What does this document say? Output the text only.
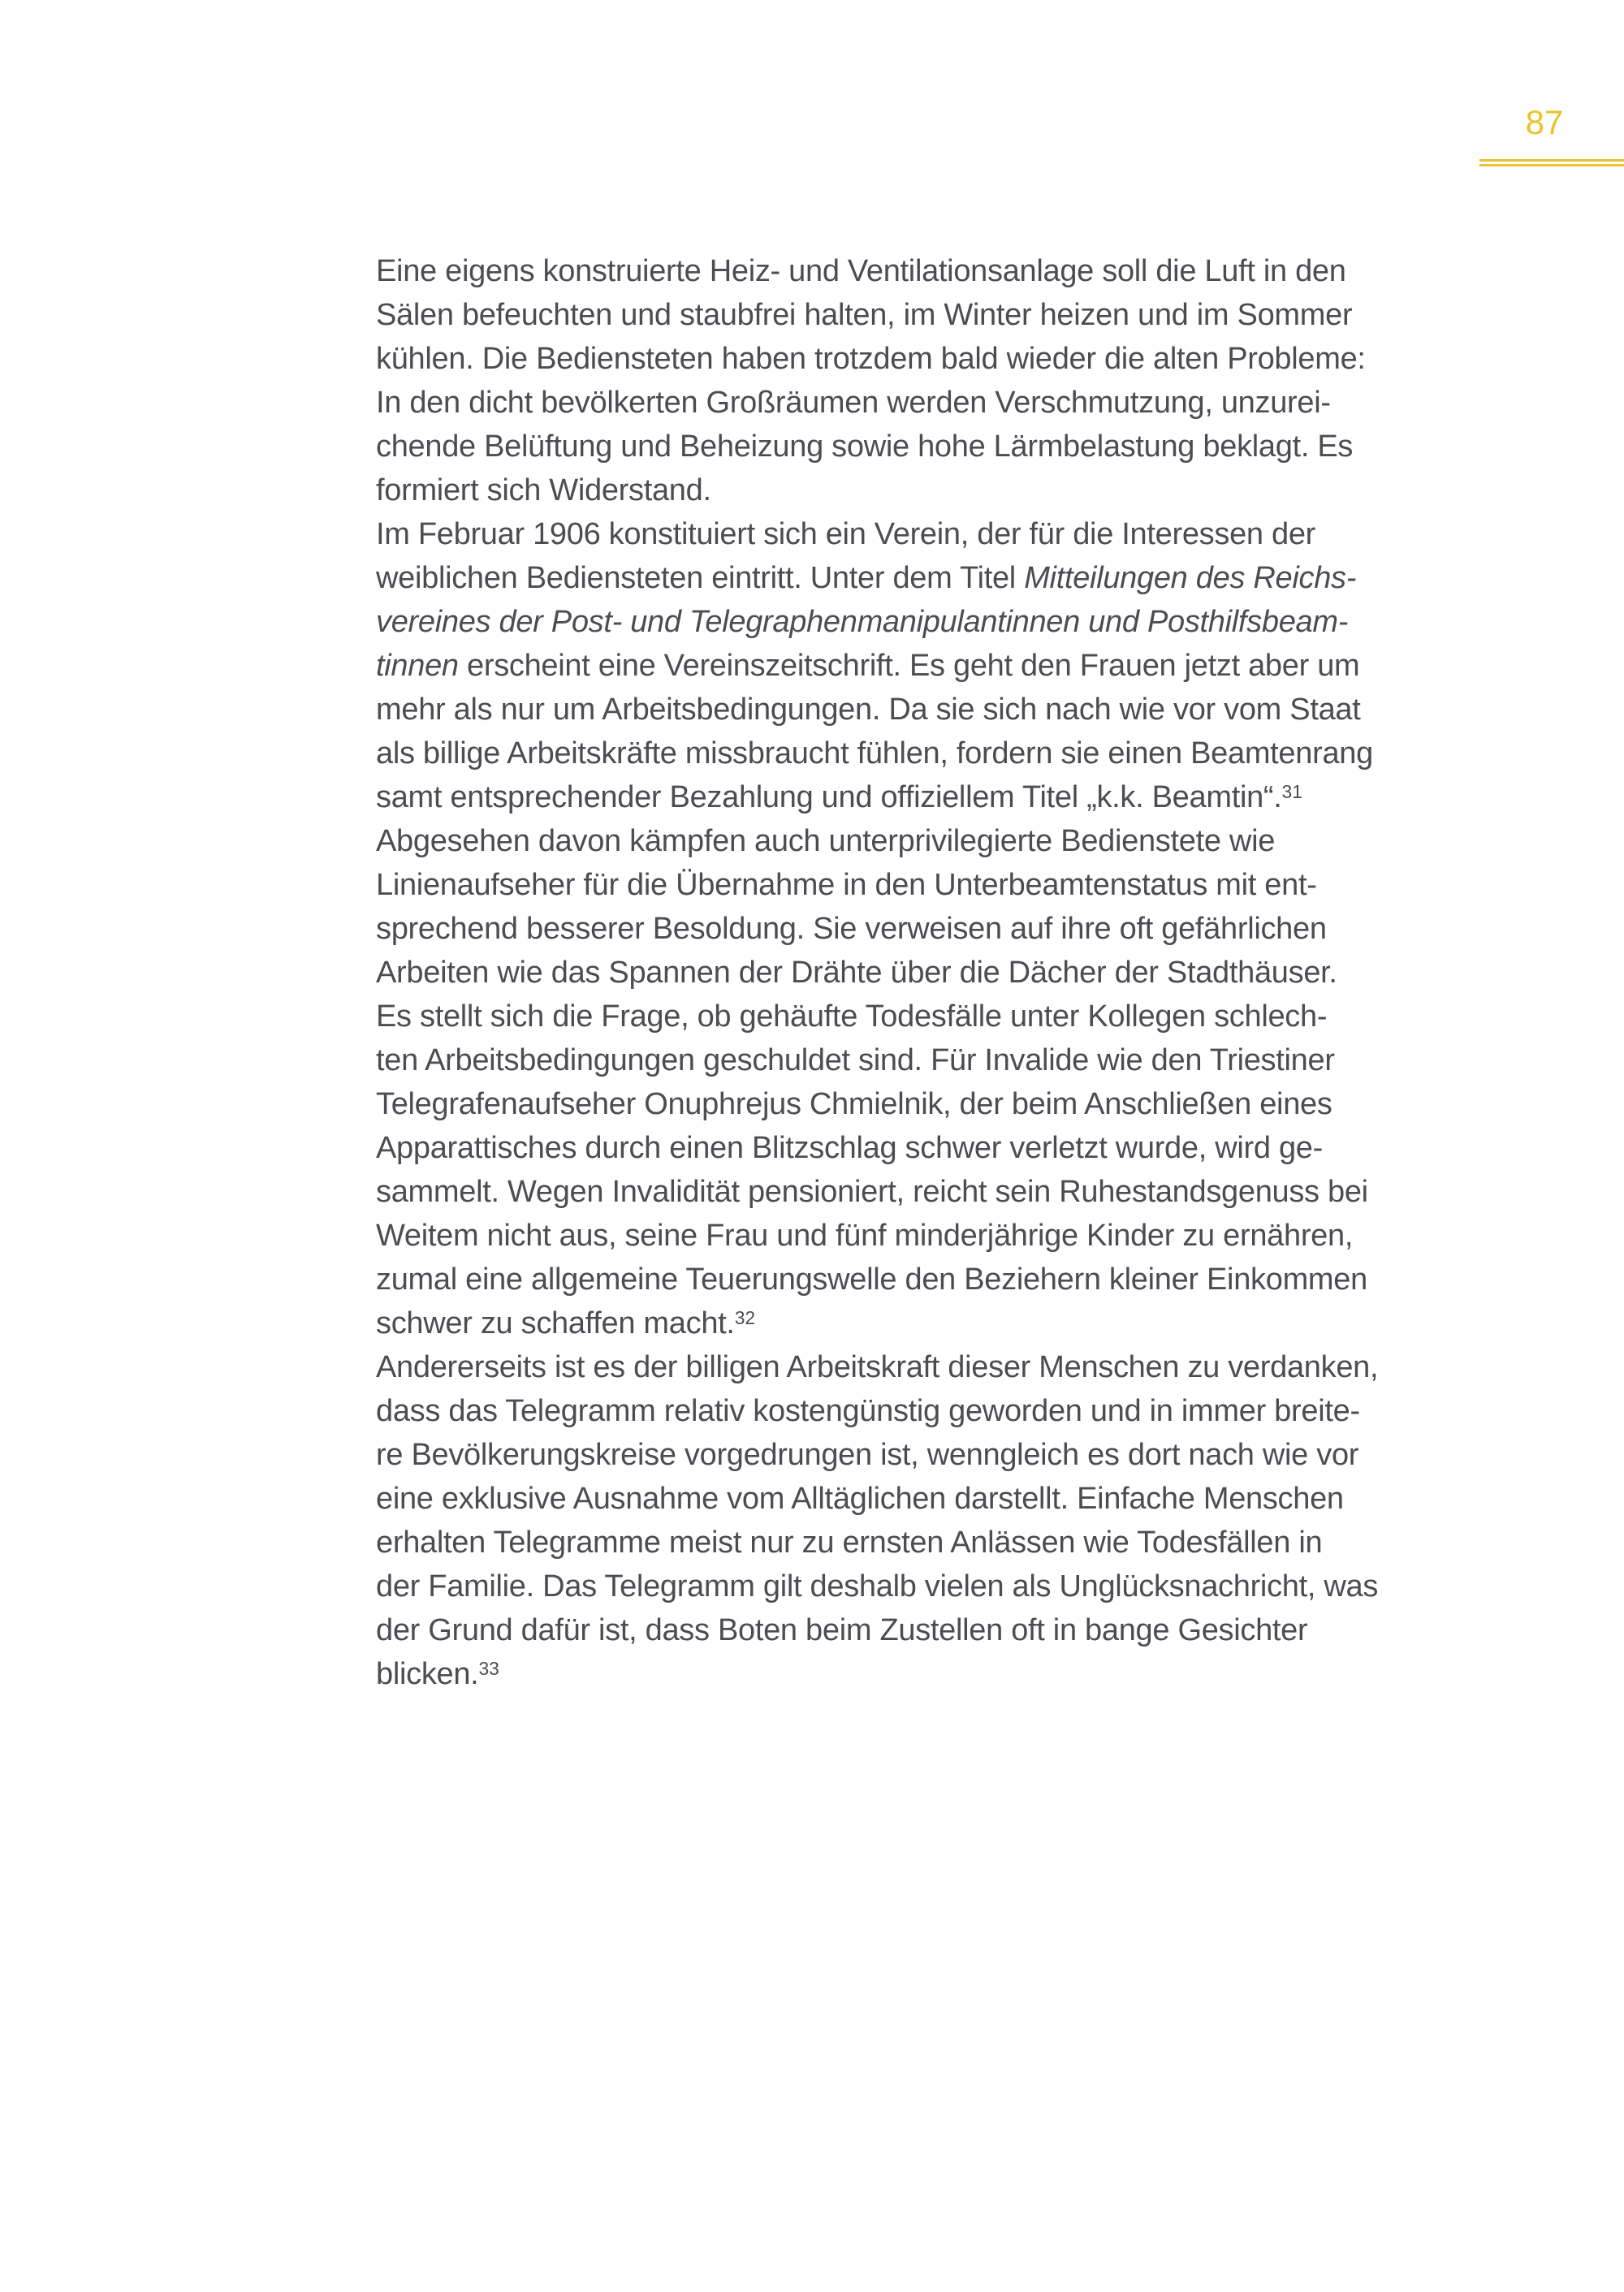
87
Eine eigens konstruierte Heiz- und Ventilationsanlage soll die Luft in den
Sälen befeuchten und staubfrei halten, im Winter heizen und im Sommer
kühlen. Die Bediensteten haben trotzdem bald wieder die alten Probleme:
In den dicht bevölkerten Großräumen werden Verschmutzung, unzurei-
chende Belüftung und Beheizung sowie hohe Lärmbelastung beklagt. Es
formiert sich Widerstand.
Im Februar 1906 konstituiert sich ein Verein, der für die Interessen der
weiblichen Bediensteten eintritt. Unter dem Titel Mitteilungen des Reichs-
vereines der Post- und Telegraphenmanipulantinnen und Posthilfsbeam-
tinnen erscheint eine Vereinszeitschrift. Es geht den Frauen jetzt aber um
mehr als nur um Arbeitsbedingungen. Da sie sich nach wie vor vom Staat
als billige Arbeitskräfte missbraucht fühlen, fordern sie einen Beamtenrang
samt entsprechender Bezahlung und offiziellem Titel „k.k. Beamtin“.$^{31}$
Abgesehen davon kämpfen auch unterprivilegierte Bedienstete wie
Linienaufseher für die Übernahme in den Unterbeamtenstatus mit ent-
sprechend besserer Besoldung. Sie verweisen auf ihre oft gefährlichen
Arbeiten wie das Spannen der Drähte über die Dächer der Stadthäuser.
Es stellt sich die Frage, ob gehäufte Todesfälle unter Kollegen schlech-
ten Arbeitsbedingungen geschuldet sind. Für Invalide wie den Triestiner
Telegrafenaufseher Onuphrejus Chmielnik, der beim Anschließen eines
Apparattisches durch einen Blitzschlag schwer verletzt wurde, wird ge-
sammelt. Wegen Invalidität pensioniert, reicht sein Ruhestandsgenuss bei
Weitem nicht aus, seine Frau und fünf minderjährige Kinder zu ernähren,
zumal eine allgemeine Teuerungswelle den Beziehern kleiner Einkommen
schwer zu schaffen macht.$^{32}$
Andererseits ist es der billigen Arbeitskraft dieser Menschen zu verdanken,
dass das Telegramm relativ kostengünstig geworden und in immer breite-
re Bevölkerungskreise vorgedrungen ist, wenngleich es dort nach wie vor
eine exklusive Ausnahme vom Alltäglichen darstellt. Einfache Menschen
erhalten Telegramme meist nur zu ernsten Anlässen wie Todesfällen in
der Familie. Das Telegramm gilt deshalb vielen als Unglücksnachricht, was
der Grund dafür ist, dass Boten beim Zustellen oft in bange Gesichter
blicken.$^{33}$
